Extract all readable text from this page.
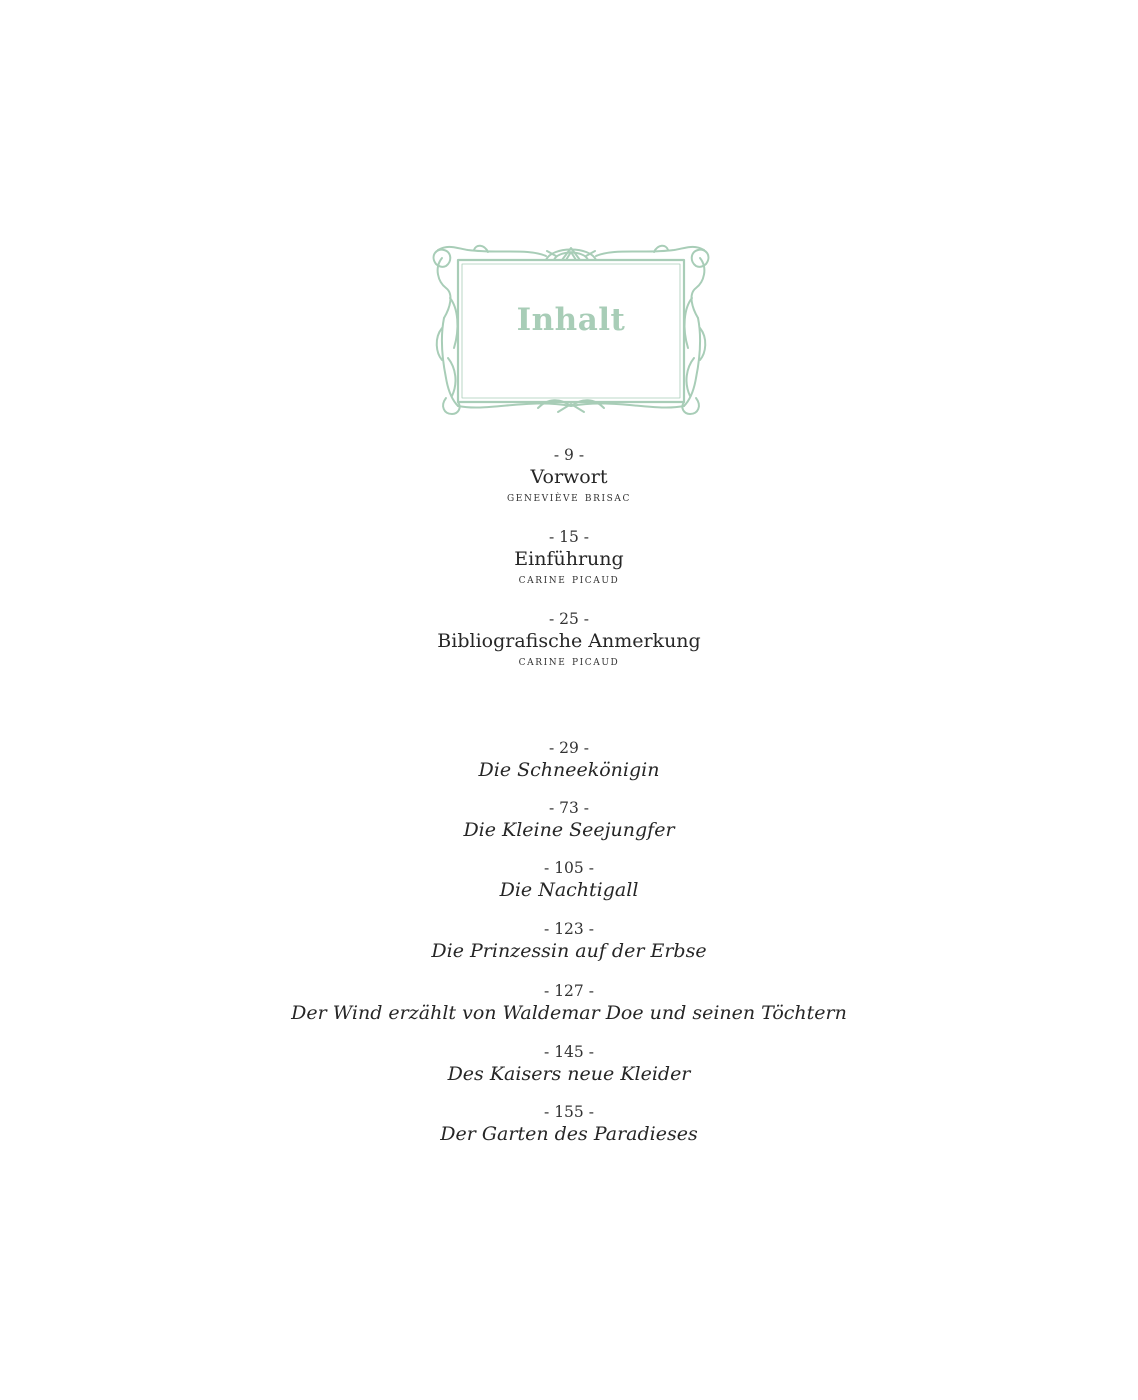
Inhalt
- 9 -
Vorwort
geneviève brisac
- 15 -
Einführung
carine picaud
- 25 -
Bibliografische Anmerkung
carine picaud
- 29 -
Die Schneekönigin
- 73 -
Die Kleine Seejungfer
- 105 -
Die Nachtigall
- 123 -
Die Prinzessin auf der Erbse
- 127 -
Der Wind erzählt von Waldemar Doe und seinen Töchtern
- 145 -
Des Kaisers neue Kleider
- 155 -
Der Garten des Paradieses
